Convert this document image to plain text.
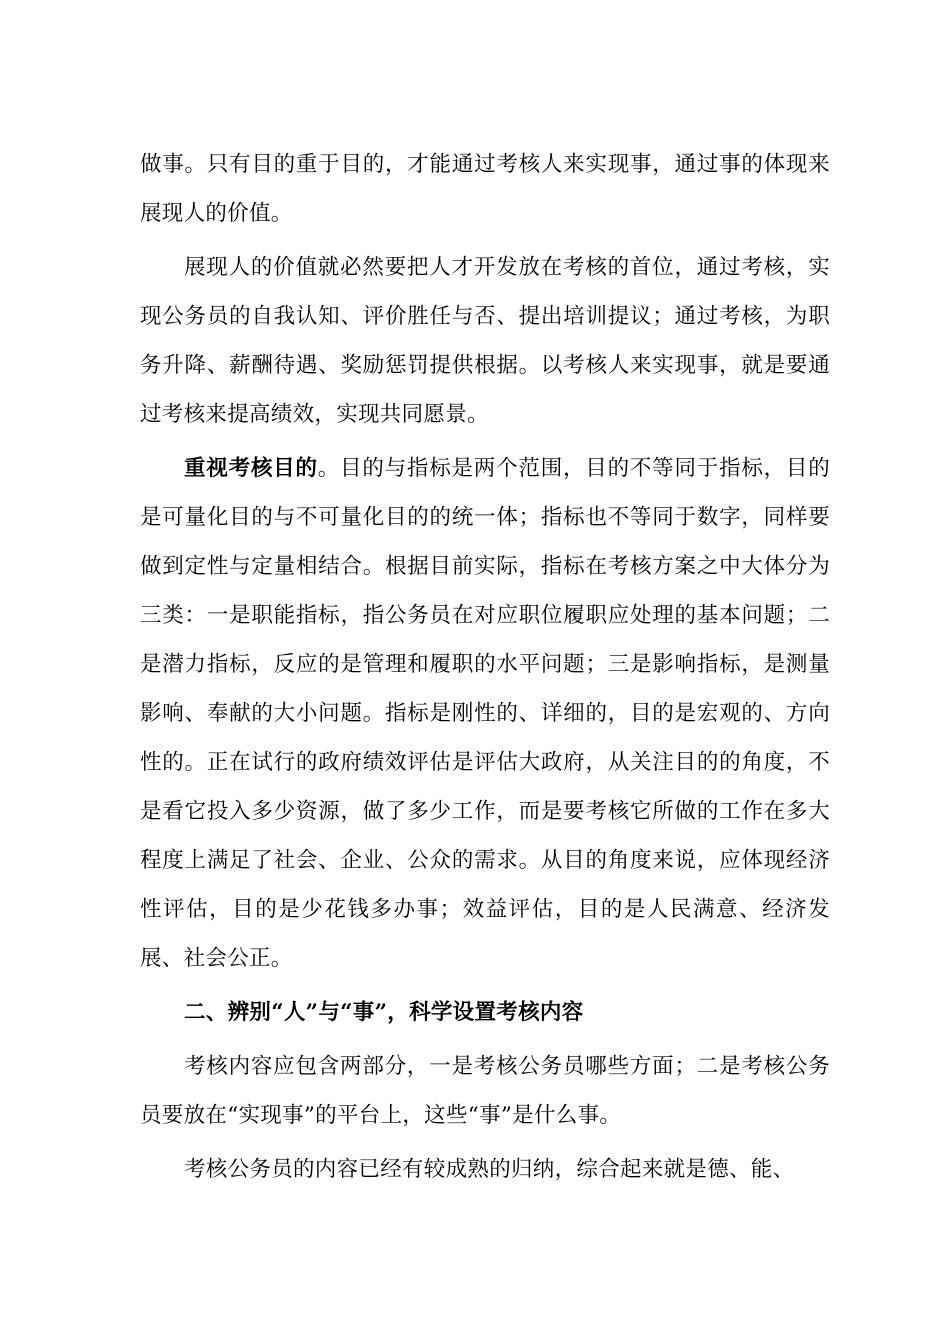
做事。只有目的重于目的，才能通过考核人来实现事，通过事的体现来展现人的价值。

展现人的价值就必然要把人才开发放在考核的首位，通过考核，实现公务员的自我认知、评价胜任与否、提出培训提议；通过考核，为职务升降、薪酬待遇、奖励惩罚提供根据。以考核人来实现事，就是要通过考核来提高绩效，实现共同愿景。

重视考核目的。目的与指标是两个范围，目的不等同于指标，目的是可量化目的与不可量化目的的统一体；指标也不等同于数字，同样要做到定性与定量相结合。根据目前实际，指标在考核方案之中大体分为三类：一是职能指标，指公务员在对应职位履职应处理的基本问题；二是潜力指标，反应的是管理和履职的水平问题；三是影响指标，是测量影响、奉献的大小问题。指标是刚性的、详细的，目的是宏观的、方向性的。正在试行的政府绩效评估是评估大政府，从关注目的的角度，不是看它投入多少资源，做了多少工作，而是要考核它所做的工作在多大程度上满足了社会、企业、公众的需求。从目的角度来说，应体现经济性评估，目的是少花钱多办事；效益评估，目的是人民满意、经济发展、社会公正。

二、辨别“人”与“事”，科学设置考核内容

考核内容应包含两部分，一是考核公务员哪些方面；二是考核公务员要放在“实现事”的平台上，这些“事”是什么事。

考核公务员的内容已经有较成熟的归纳，综合起来就是德、能、
